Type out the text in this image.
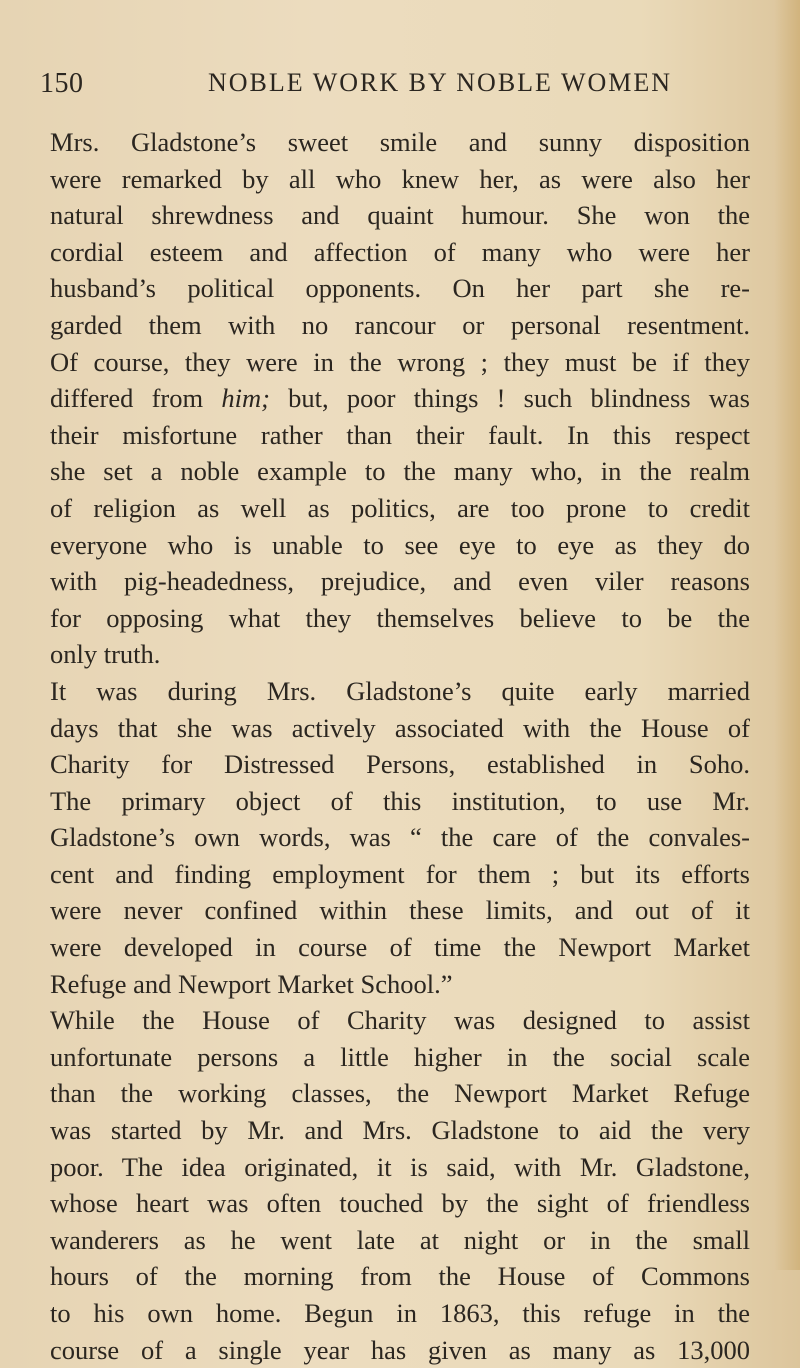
150	NOBLE WORK BY NOBLE WOMEN
Mrs. Gladstone’s sweet smile and sunny disposition
were remarked by all who knew her, as were also her
natural shrewdness and quaint humour. She won the
cordial esteem and affection of many who were her
husband’s political opponents. On her part she re-
garded them with no rancour or personal resentment.
Of course, they were in the wrong ; they must be if they
differed from him; but, poor things ! such blindness was
their misfortune rather than their fault. In this respect
she set a noble example to the many who, in the realm
of religion as well as politics, are too prone to credit
everyone who is unable to see eye to eye as they do
with pig-headedness, prejudice, and even viler reasons
for opposing what they themselves believe to be the
only truth.
It was during Mrs. Gladstone’s quite early married
days that she was actively associated with the House of
Charity for Distressed Persons, established in Soho.
The primary object of this institution, to use Mr.
Gladstone’s own words, was “ the care of the convales-
cent and finding employment for them ; but its efforts
were never confined within these limits, and out of it
were developed in course of time the Newport Market
Refuge and Newport Market School.”
While the House of Charity was designed to assist
unfortunate persons a little higher in the social scale
than the working classes, the Newport Market Refuge
was started by Mr. and Mrs. Gladstone to aid the very
poor. The idea originated, it is said, with Mr. Gladstone,
whose heart was often touched by the sight of friendless
wanderers as he went late at night or in the small
hours of the morning from the House of Commons
to his own home. Begun in 1863, this refuge in the
course of a single year has given as many as 13,000
